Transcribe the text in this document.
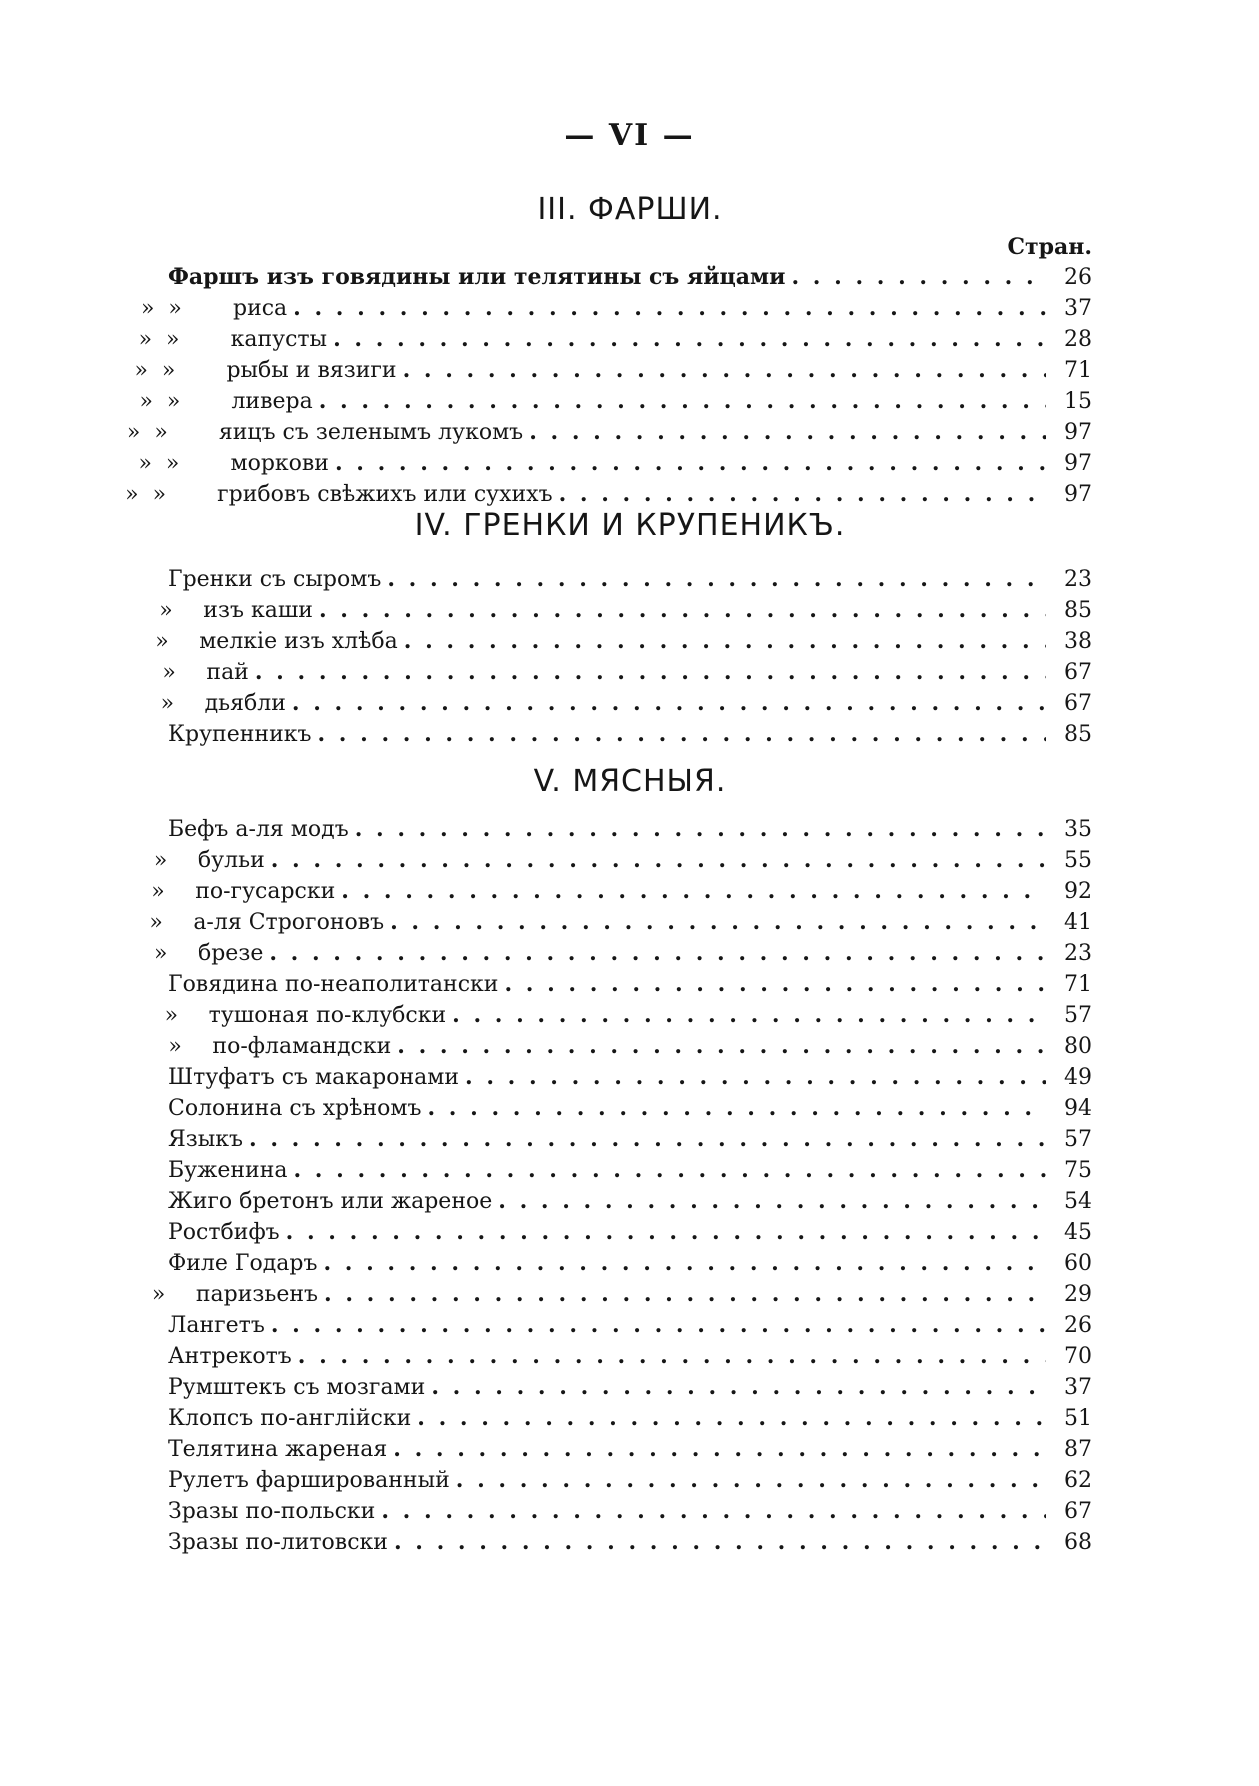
— VI —
III. ФАРШИ.
Стран.
Фаршъ изъ говядины или телятины съ яйцами . . .	26
»  »	риса . . .	37
»  »	капусты . . .	28
»  »	рыбы и вязиги . . .	71
»  »	ливера . . .	15
»  »	яицъ съ зеленымъ лукомъ . . .	97
»  »	моркови . . .	97
»  »	грибовъ свѣжихъ или сухихъ . . .	97
IV. ГРЕНКИ И КРУПЕНИКЪ.
Гренки съ сыромъ . . .	23
»	изъ каши . . .	85
»	мелкіе изъ хлѣба . . .	38
»	пай . . .	67
»	дьябли . . .	67
Крупенникъ . . .	85
V. МЯСНЫЯ.
Бефъ а-ля модъ . . .	35
»	бульи . . .	55
»	по-гусарски . . .	92
»	а-ля Строгоновъ . . .	41
»	брезе . . .	23
Говядина по-неаполитански . . .	71
»	тушоная по-клубски . . .	57
»	по-фламандски . . .	80
Штуфатъ съ макаронами . . .	49
Солонина съ хрѣномъ . . .	94
Языкъ . . .	57
Буженина . . .	75
Жиго бретонъ или жареное . . .	54
Ростбифъ . . .	45
Филе Годаръ . . .	60
»	паризьенъ . . .	29
Лангетъ . . .	26
Антрекотъ . . .	70
Румштекъ съ мозгами . . .	37
Клопсъ по-англійски . . .	51
Телятина жареная . . .	87
Рулетъ фаршированный . . .	62
Зразы по-польски . . .	67
Зразы по-литовски . . .	68
